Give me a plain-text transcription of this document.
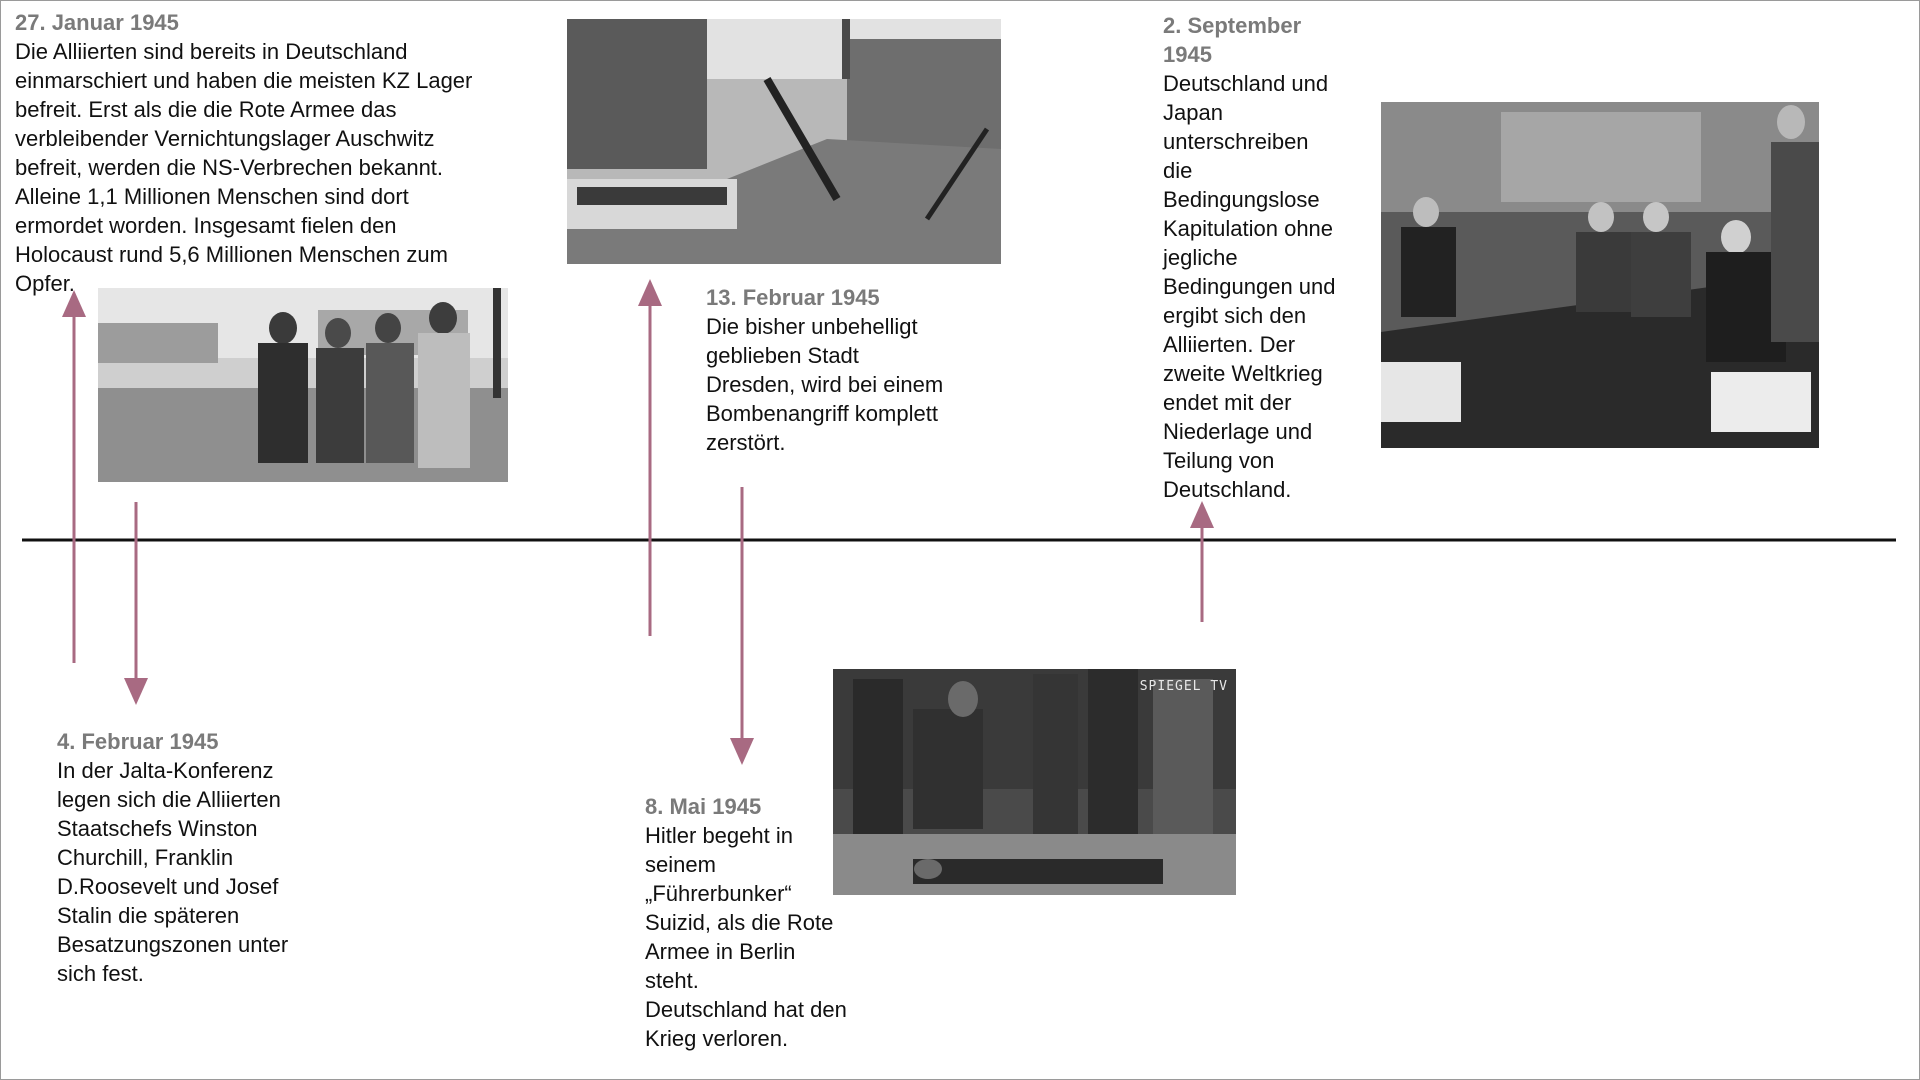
27. Januar 1945
Die Alliierten sind bereits in Deutschland
einmarschiert und haben die meisten KZ Lager
befreit. Erst als die die Rote Armee das
verbleibender Vernichtungslager Auschwitz
befreit, werden die NS-Verbrechen bekannt.
Alleine 1,1 Millionen Menschen sind dort
ermordet worden. Insgesamt fielen den
Holocaust rund 5,6 Millionen Menschen zum
Opfer.
4. Februar 1945
In der Jalta-Konferenz
legen sich die Alliierten
Staatschefs Winston
Churchill, Franklin
D.Roosevelt und Josef
Stalin die späteren
Besatzungszonen unter
sich fest.
13. Februar 1945
Die bisher unbehelligt
geblieben Stadt
Dresden, wird bei einem
Bombenangriff komplett
zerstört.
8. Mai 1945
Hitler begeht in
seinem
„Führerbunker“
Suizid, als die Rote
Armee in Berlin
steht.
Deutschland hat den
Krieg verloren.
2. September
1945
Deutschland und
Japan
unterschreiben
die
Bedingungslose
Kapitulation ohne
jegliche
Bedingungen und
ergibt sich den
Alliierten. Der
zweite Weltkrieg
endet mit der
Niederlage und
Teilung von
Deutschland.
SPIEGEL TV
